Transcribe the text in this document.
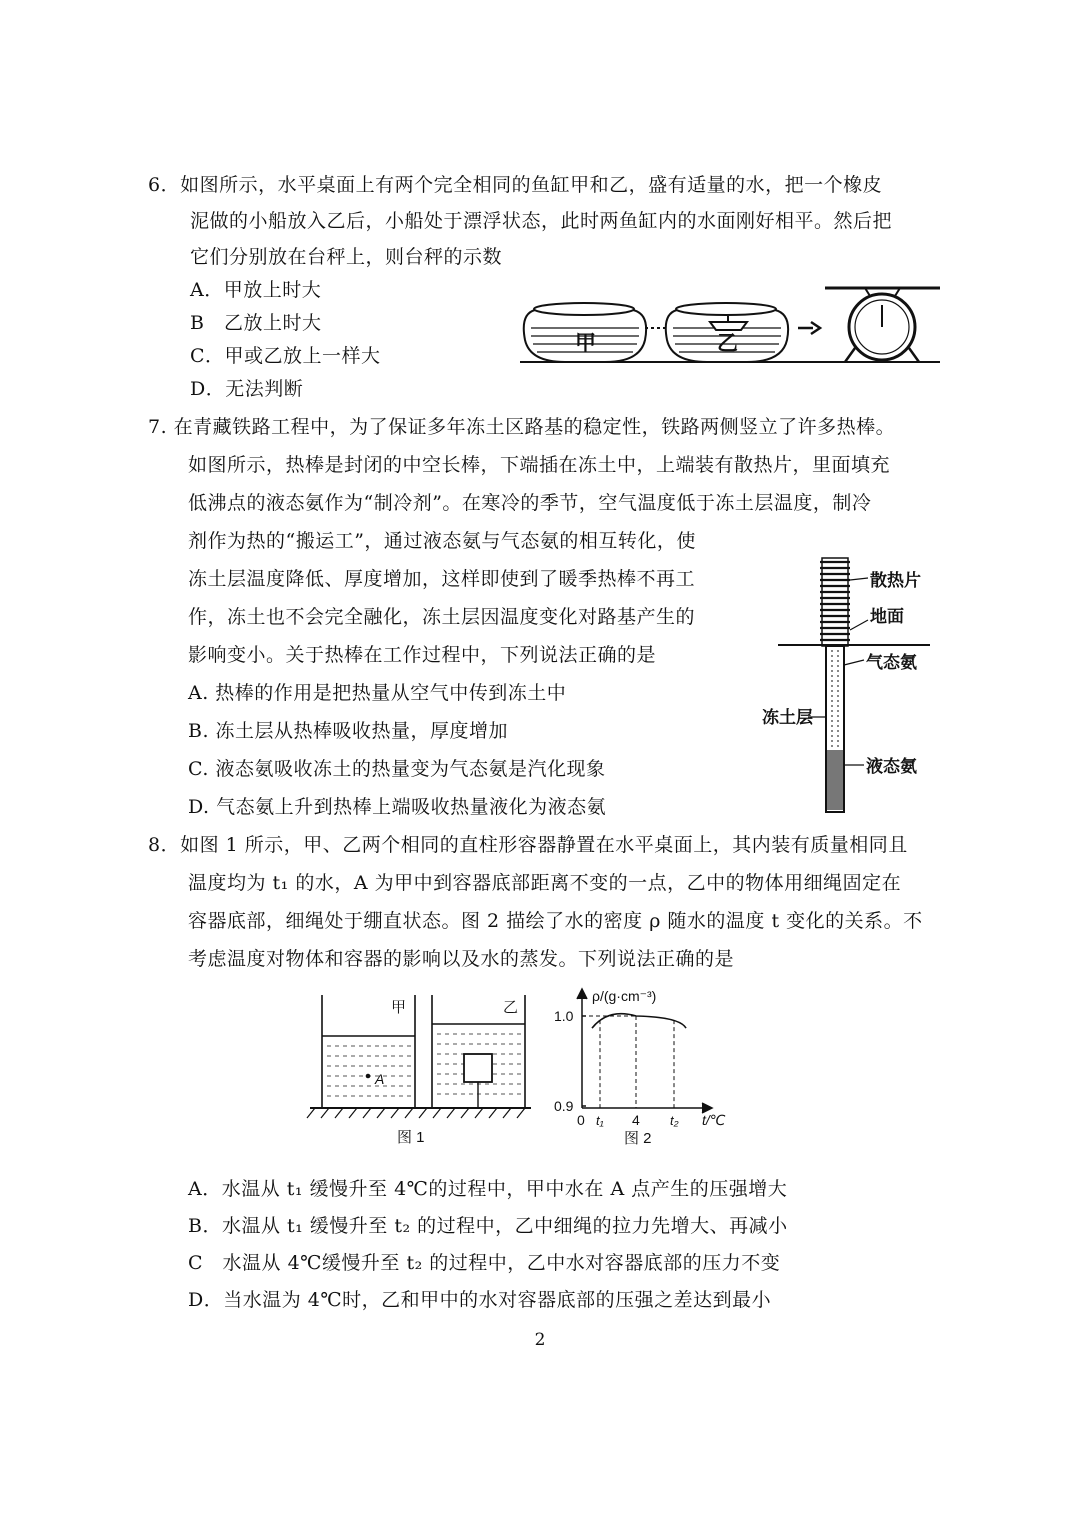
6．如图所示，水平桌面上有两个完全相同的鱼缸甲和乙，盛有适量的水，把一个橡皮
泥做的小船放入乙后，小船处于漂浮状态，此时两鱼缸内的水面刚好相平。然后把
它们分别放在台秤上，则台秤的示数
A．甲放上时大
B　乙放上时大
C．甲或乙放上一样大
D．无法判断
甲	乙
7. 在青藏铁路工程中，为了保证多年冻土区路基的稳定性，铁路两侧竖立了许多热棒。
如图所示，热棒是封闭的中空长棒，下端插在冻土中，上端装有散热片，里面填充
低沸点的液态氨作为“制冷剂”。在寒冷的季节，空气温度低于冻土层温度，制冷
剂作为热的“搬运工”，通过液态氨与气态氨的相互转化，使
冻土层温度降低、厚度增加，这样即使到了暖季热棒不再工
作，冻土也不会完全融化，冻土层因温度变化对路基产生的
影响变小。关于热棒在工作过程中，下列说法正确的是
A. 热棒的作用是把热量从空气中传到冻土中
B. 冻土层从热棒吸收热量，厚度增加
C. 液态氨吸收冻土的热量变为气态氨是汽化现象
D. 气态氨上升到热棒上端吸收热量液化为液态氨
散热片
地面
气态氨
冻土层
液态氨
8．如图 1 所示，甲、乙两个相同的直柱形容器静置在水平桌面上，其内装有质量相同且
温度均为 t₁ 的水，A 为甲中到容器底部距离不变的一点，乙中的物体用细绳固定在
容器底部，细绳处于绷直状态。图 2 描绘了水的密度 ρ 随水的温度 t 变化的关系。不
考虑温度对物体和容器的影响以及水的蒸发。下列说法正确的是
A
甲	乙
图 1
ρ/(g·cm⁻³)
1.0
0.9
0 t₁ 4 t₂ t/℃
图 2
A．水温从 t₁ 缓慢升至 4℃的过程中，甲中水在 A 点产生的压强增大
B．水温从 t₁ 缓慢升至 t₂ 的过程中，乙中细绳的拉力先增大、再减小
C　水温从 4℃缓慢升至 t₂ 的过程中，乙中水对容器底部的压力不变
D．当水温为 4℃时，乙和甲中的水对容器底部的压强之差达到最小
2
